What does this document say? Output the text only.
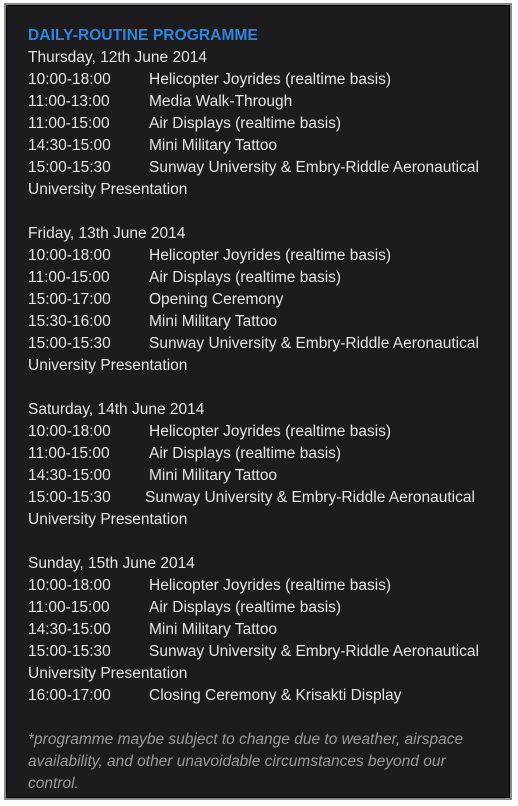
DAILY-ROUTINE PROGRAMME
Thursday, 12th June 2014
10:00-18:00 Helicopter Joyrides (realtime basis)
11:00-13:00	Media Walk-Through
11:00-15:00	Air Displays (realtime basis)
14:30-15:00 Mini Military Tattoo
15:00-15:30 Sunway University & Embry-Riddle Aeronautical
University Presentation
Friday, 13th June 2014
10:00-18:00 Helicopter Joyrides (realtime basis)
11:00-15:00	Air Displays (realtime basis)
15:00-17:00 Opening Ceremony
15:30-16:00 Mini Military Tattoo
15:00-15:30 Sunway University & Embry-Riddle Aeronautical
University Presentation
Saturday, 14th June 2014
10:00-18:00 Helicopter Joyrides (realtime basis)
11:00-15:00	Air Displays (realtime basis)
14:30-15:00 Mini Military Tattoo
15:00-15:30 Sunway University & Embry-Riddle Aeronautical
University Presentation
Sunday, 15th June 2014
10:00-18:00 Helicopter Joyrides (realtime basis)
11:00-15:00	Air Displays (realtime basis)
14:30-15:00 Mini Military Tattoo
15:00-15:30 Sunway University & Embry-Riddle Aeronautical
University Presentation
16:00-17:00 Closing Ceremony & Krisakti Display
*programme maybe subject to change due to weather, airspace availability, and other unavoidable circumstances beyond our control.
